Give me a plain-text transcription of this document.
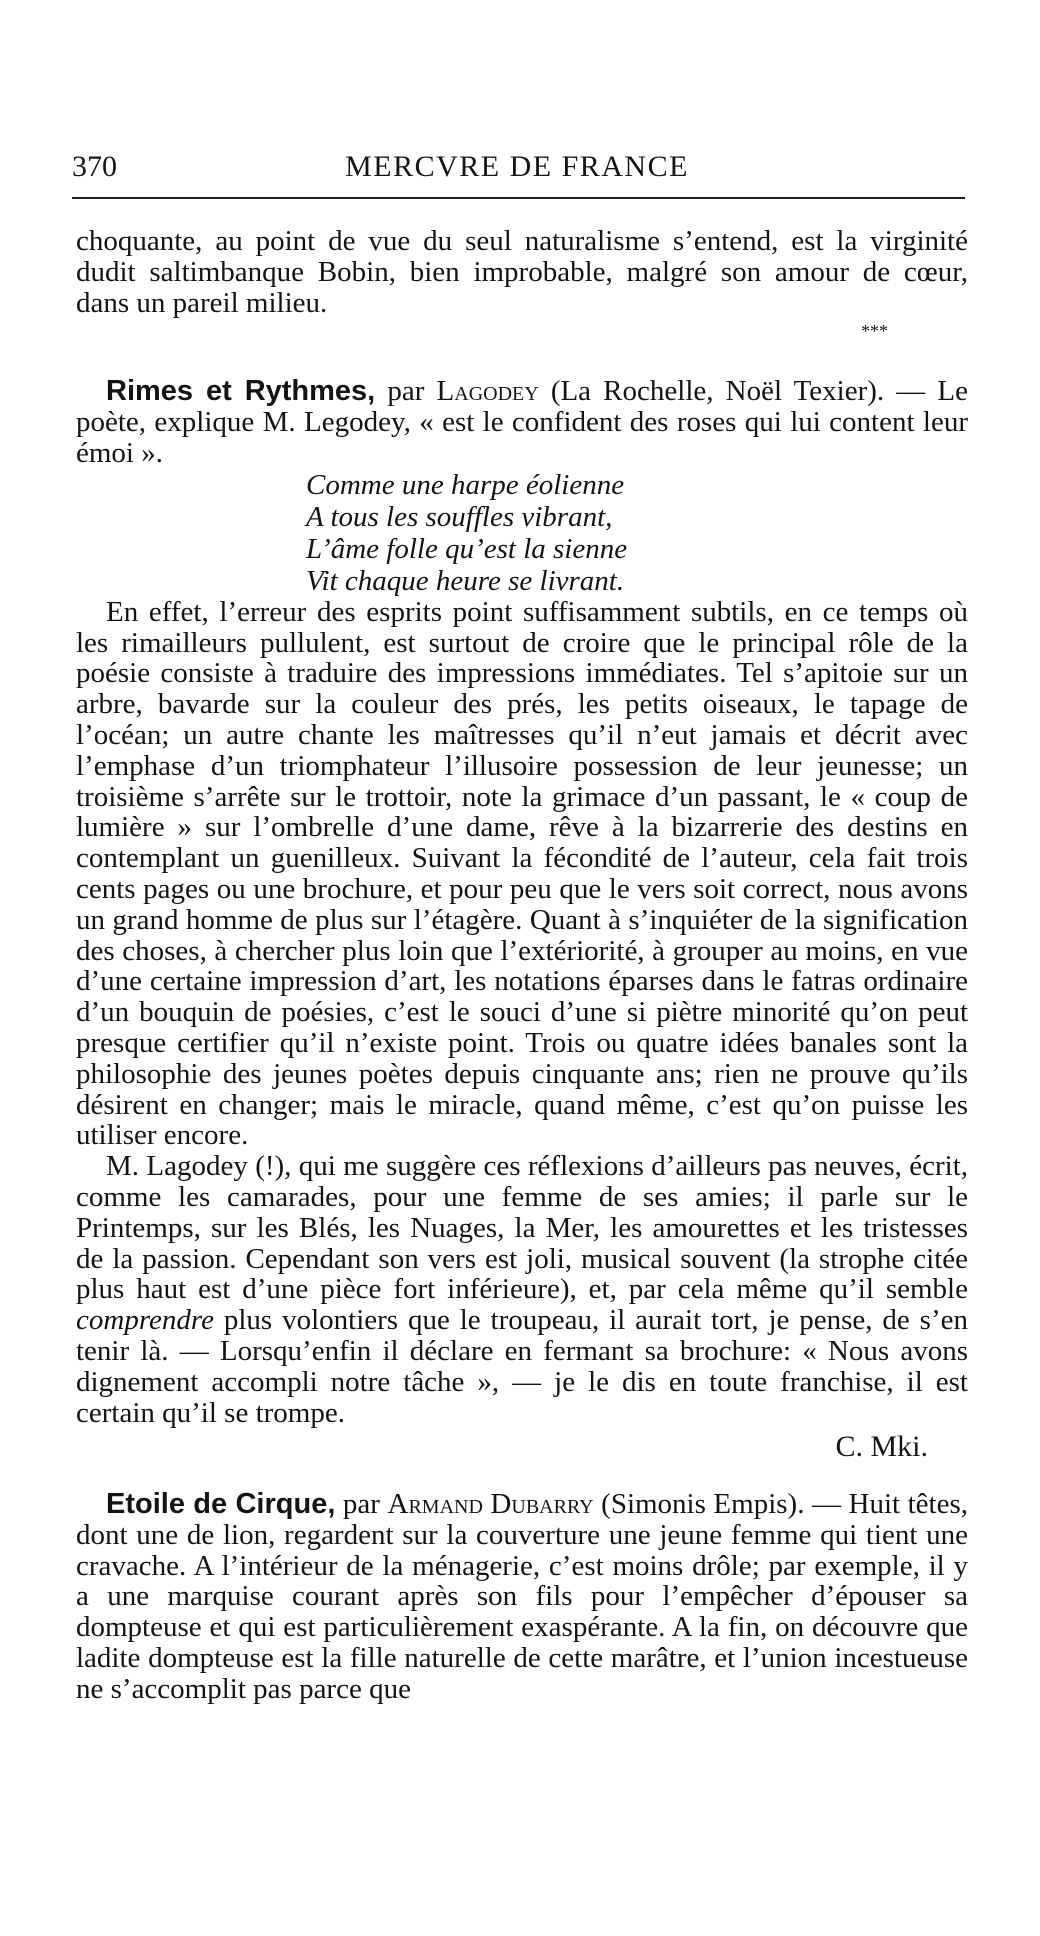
370	MERCVRE DE FRANCE

choquante, au point de vue du seul naturalisme s’entend, est la virginité dudit saltimbanque Bobin, bien improbable, malgré son amour de cœur, dans un pareil milieu.

***

Rimes et Rythmes, par Lagodey (La Rochelle, Noël Texier). — Le poète, explique M. Legodey, « est le confident des roses qui lui content leur émoi ».

Comme une harpe éolienne
A tous les souffles vibrant,
L’âme folle qu’est la sienne
Vit chaque heure se livrant.

En effet, l’erreur des esprits point suffisamment subtils, en ce temps où les rimailleurs pullulent, est surtout de croire que le principal rôle de la poésie consiste à traduire des impressions immédiates. Tel s’apitoie sur un arbre, bavarde sur la couleur des prés, les petits oiseaux, le tapage de l’océan; un autre chante les maîtresses qu’il n’eut jamais et décrit avec l’emphase d’un triomphateur l’illusoire possession de leur jeunesse; un troisième s’arrête sur le trottoir, note la grimace d’un passant, le « coup de lumière » sur l’ombrelle d’une dame, rêve à la bizarrerie des destins en contemplant un guenilleux. Suivant la fécondité de l’auteur, cela fait trois cents pages ou une brochure, et pour peu que le vers soit correct, nous avons un grand homme de plus sur l’étagère. Quant à s’inquiéter de la signification des choses, à chercher plus loin que l’extériorité, à grouper au moins, en vue d’une certaine impression d’art, les notations éparses dans le fatras ordinaire d’un bouquin de poésies, c’est le souci d’une si piètre minorité qu’on peut presque certifier qu’il n’existe point. Trois ou quatre idées banales sont la philosophie des jeunes poètes depuis cinquante ans; rien ne prouve qu’ils désirent en changer; mais le miracle, quand même, c’est qu’on puisse les utiliser encore.

M. Lagodey (!), qui me suggère ces réflexions d’ailleurs pas neuves, écrit, comme les camarades, pour une femme de ses amies; il parle sur le Printemps, sur les Blés, les Nuages, la Mer, les amourettes et les tristesses de la passion. Cependant son vers est joli, musical souvent (la strophe citée plus haut est d’une pièce fort inférieure), et, par cela même qu’il semble comprendre plus volontiers que le troupeau, il aurait tort, je pense, de s’en tenir là. — Lorsqu’enfin il déclare en fermant sa brochure: « Nous avons dignement accompli notre tâche », — je le dis en toute franchise, il est certain qu’il se trompe.

C. Mki.

Etoile de Cirque, par Armand Dubarry (Simonis Empis). — Huit têtes, dont une de lion, regardent sur la couverture une jeune femme qui tient une cravache. A l’intérieur de la ménagerie, c’est moins drôle; par exemple, il y a une marquise courant après son fils pour l’empêcher d’épouser sa dompteuse et qui est particulièrement exaspérante. A la fin, on découvre que ladite dompteuse est la fille naturelle de cette marâtre, et l’union incestueuse ne s’accomplit pas parce que
